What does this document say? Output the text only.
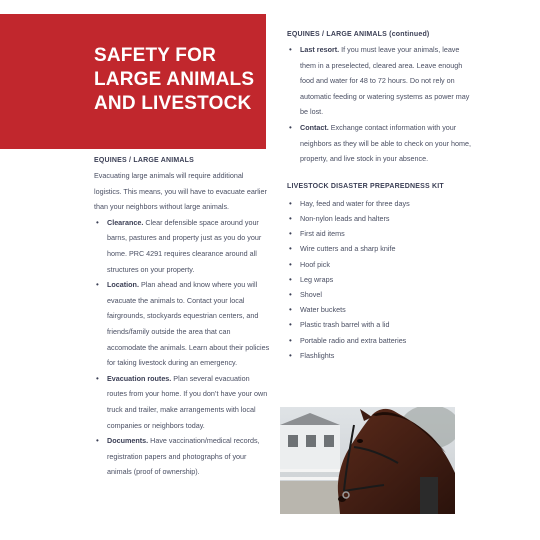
SAFETY FOR
LARGE ANIMALS
AND LIVESTOCK
EQUINES / LARGE ANIMALS

Evacuating large animals will require additional logistics. This means, you will have to evacuate earlier than your neighbors without large animals.

• Clearance. Clear defensible space around your barns, pastures and property just as you do your home. PRC 4291 requires clearance around all structures on your property.
• Location. Plan ahead and know where you will evacuate the animals to. Contact your local fairgrounds, stockyards equestrian centers, and friends/family outside the area that can accomodate the animals. Learn about their policies for taking livestock during an emergency.
• Evacuation routes. Plan several evacuation routes from your home. If you don’t have your own truck and trailer, make arrangements with local companies or neighbors today.
• Documents. Have vaccination/medical records, registration papers and photographs of your animals (proof of ownership).
EQUINES / LARGE ANIMALS (continued)
• Last resort. If you must leave your animals, leave them in a preselected, cleared area. Leave enough food and water for 48 to 72 hours. Do not rely on automatic feeding or watering systems as power may be lost.
• Contact. Exchange contact information with your neighbors as they will be able to check on your home, property, and live stock in your absence.
LIVESTOCK DISASTER PREPAREDNESS KIT
• Hay, feed and water for three days
• Non-nylon leads and halters
• First aid items
• Wire cutters and a sharp knife
• Hoof pick
• Leg wraps
• Shovel
• Water buckets
• Plastic trash barrel with a lid
• Portable radio and extra batteries
• Flashlights
